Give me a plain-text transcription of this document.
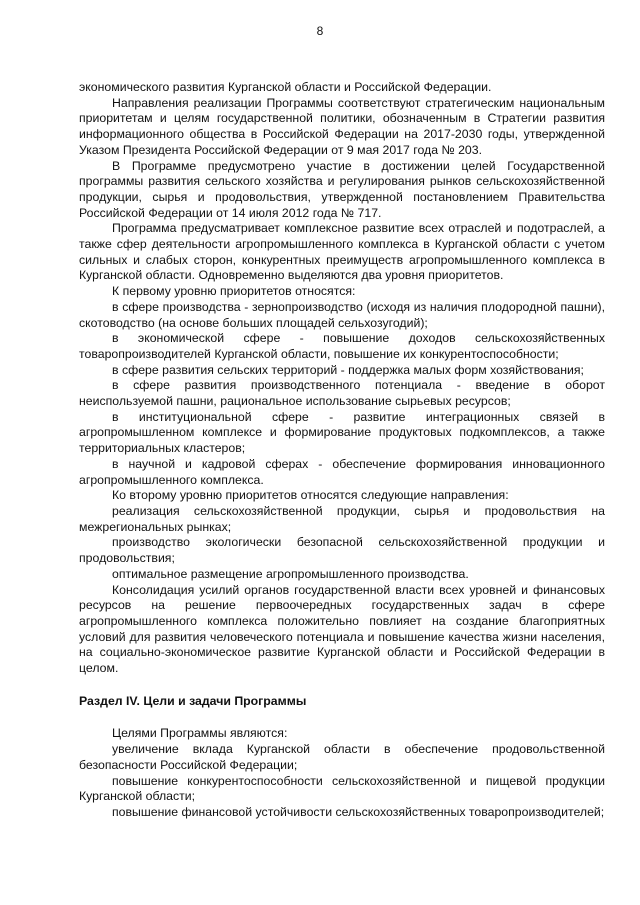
8

экономического развития Курганской области и Российской Федерации.

Направления реализации Программы соответствуют стратегическим национальным приоритетам и целям государственной политики, обозначенным в Стратегии развития информационного общества в Российской Федерации на 2017-2030 годы, утвержденной Указом Президента Российской Федерации от 9 мая 2017 года № 203.

В Программе предусмотрено участие в достижении целей Государственной программы развития сельского хозяйства и регулирования рынков сельскохозяйственной продукции, сырья и продовольствия, утвержденной постановлением Правительства Российской Федерации от 14 июля 2012 года № 717.

Программа предусматривает комплексное развитие всех отраслей и подотраслей, а также сфер деятельности агропромышленного комплекса в Курганской области с учетом сильных и слабых сторон, конкурентных преимуществ агропромышленного комплекса в Курганской области. Одновременно выделяются два уровня приоритетов.

К первому уровню приоритетов относятся:

в сфере производства - зернопроизводство (исходя из наличия плодородной пашни), скотоводство (на основе больших площадей сельхозугодий);

в экономической сфере - повышение доходов сельскохозяйственных товаропроизводителей Курганской области, повышение их конкурентоспособности;

в сфере развития сельских территорий - поддержка малых форм хозяйствования;

в сфере развития производственного потенциала - введение в оборот неиспользуемой пашни, рациональное использование сырьевых ресурсов;

в институциональной сфере - развитие интеграционных связей в агропромышленном комплексе и формирование продуктовых подкомплексов, а также территориальных кластеров;

в научной и кадровой сферах - обеспечение формирования инновационного агропромышленного комплекса.

Ко второму уровню приоритетов относятся следующие направления:

реализация сельскохозяйственной продукции, сырья и продовольствия на межрегиональных рынках;

производство экологически безопасной сельскохозяйственной продукции и продовольствия;

оптимальное размещение агропромышленного производства.

Консолидация усилий органов государственной власти всех уровней и финансовых ресурсов на решение первоочередных государственных задач в сфере агропромышленного комплекса положительно повлияет на создание благоприятных условий для развития человеческого потенциала и повышение качества жизни населения, на социально-экономическое развитие Курганской области и Российской Федерации в целом.

Раздел IV. Цели и задачи Программы

Целями Программы являются:

увеличение вклада Курганской области в обеспечение продовольственной безопасности Российской Федерации;

повышение конкурентоспособности сельскохозяйственной и пищевой продукции Курганской области;

повышение финансовой устойчивости сельскохозяйственных товаропроизводителей;
